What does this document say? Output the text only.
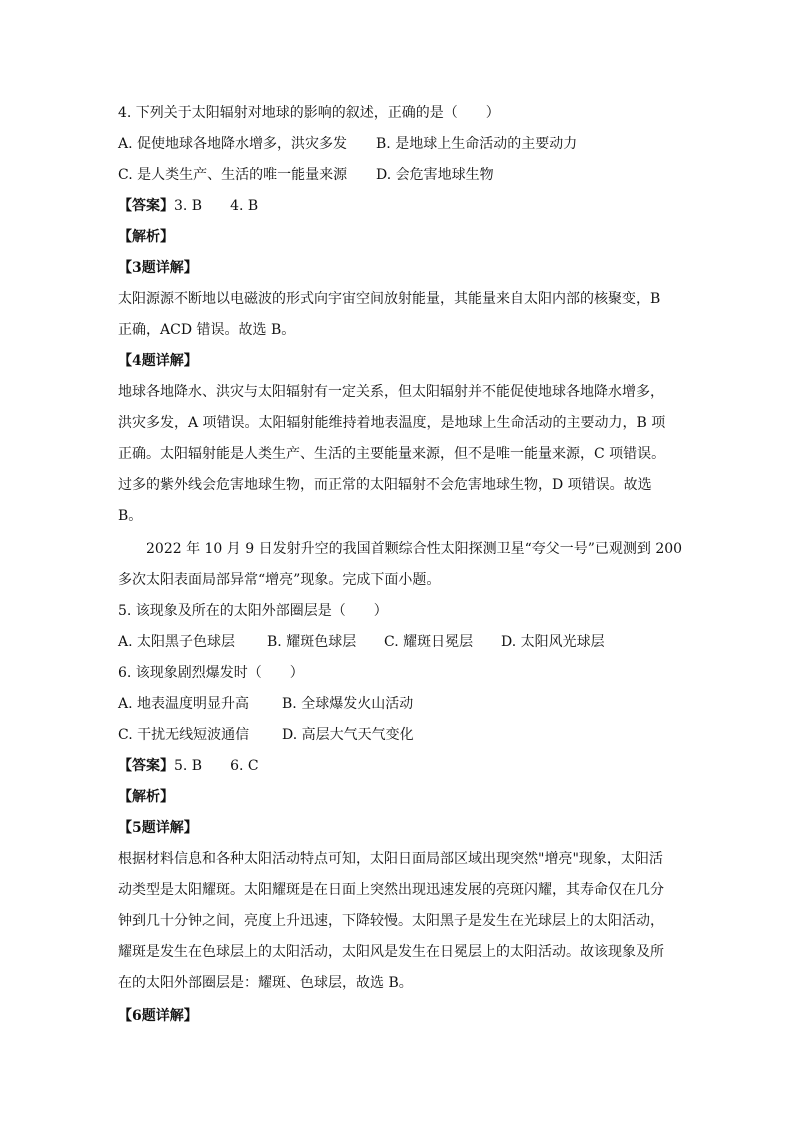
4. 下列关于太阳辐射对地球的影响的叙述，正确的是（　　）
A. 促使地球各地降水增多，洪灾多发 B. 是地球上生命活动的主要动力
C. 是人类生产、生活的唯一能量来源 D. 会危害地球生物
【答案】3. B 4. B
【解析】
【3题详解】
太阳源源不断地以电磁波的形式向宇宙空间放射能量，其能量来自太阳内部的核聚变，B
正确，ACD 错误。故选 B。
【4题详解】
地球各地降水、洪灾与太阳辐射有一定关系，但太阳辐射并不能促使地球各地降水增多，
洪灾多发，A 项错误。太阳辐射能维持着地表温度，是地球上生命活动的主要动力，B 项
正确。太阳辐射能是人类生产、生活的主要能量来源，但不是唯一能量来源，C 项错误。
过多的紫外线会危害地球生物，而正常的太阳辐射不会危害地球生物，D 项错误。故选
B。
2022 年 10 月 9 日发射升空的我国首颗综合性太阳探测卫星“夸父一号”已观测到 200
多次太阳表面局部异常“增亮”现象。完成下面小题。
5. 该现象及所在的太阳外部圈层是（　　）
A. 太阳黑子色球层 B. 耀斑色球层 C. 耀斑日冕层 D. 太阳风光球层
6. 该现象剧烈爆发时（　　）
A. 地表温度明显升高 B. 全球爆发火山活动
C. 干扰无线短波通信 D. 高层大气天气变化
【答案】5. B 6. C
【解析】
【5题详解】
根据材料信息和各种太阳活动特点可知，太阳日面局部区域出现突然"增亮"现象，太阳活
动类型是太阳耀斑。太阳耀斑是在日面上突然出现迅速发展的亮斑闪耀，其寿命仅在几分
钟到几十分钟之间，亮度上升迅速，下降较慢。太阳黑子是发生在光球层上的太阳活动，
耀斑是发生在色球层上的太阳活动，太阳风是发生在日冕层上的太阳活动。故该现象及所
在的太阳外部圈层是：耀斑、色球层，故选 B。
【6题详解】
